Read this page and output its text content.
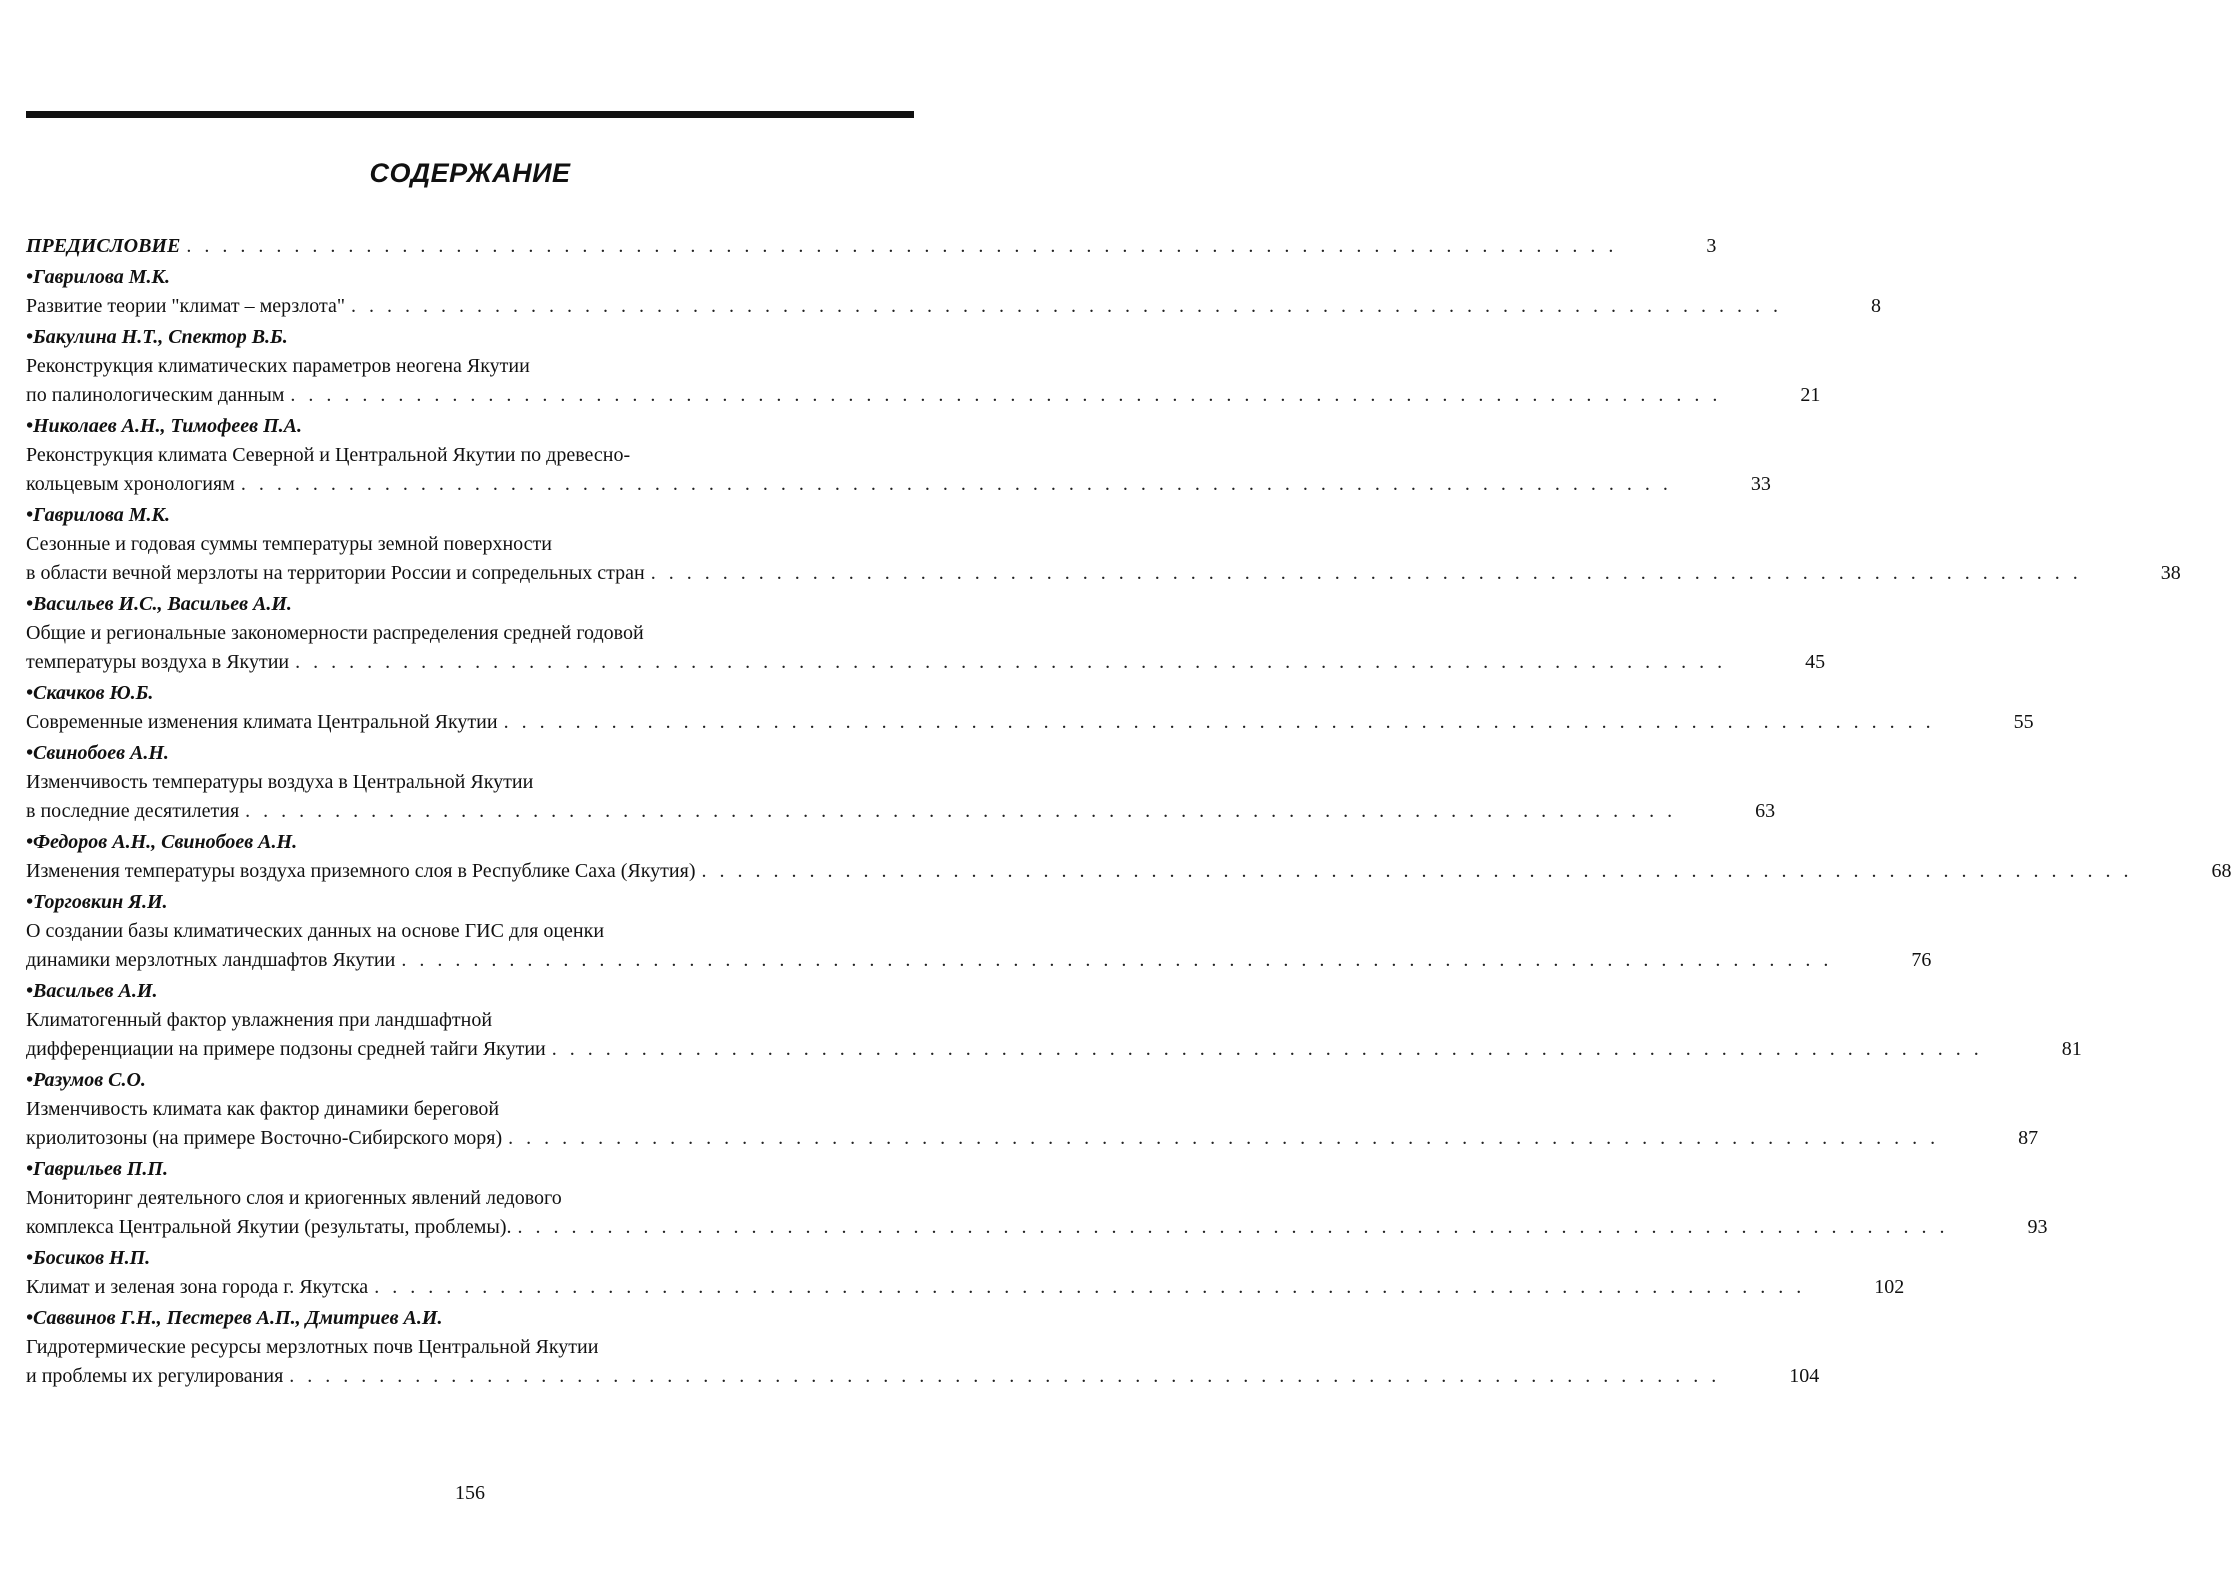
СОДЕРЖАНИЕ
ПРЕДИСЛОВИЕ ................................................................................	3
•Гаврилова М.К.
Развитие теории "климат – мерзлота" ................................................................................	8
•Бакулина Н.Т., Спектор В.Б.
Реконструкция климатических параметров неогена Якутии
по палинологическим данным ................................................................................	21
•Николаев А.Н., Тимофеев П.А.
Реконструкция климата Северной и Центральной Якутии по древесно-
кольцевым хронологиям ................................................................................	33
•Гаврилова М.К.
Сезонные и годовая суммы температуры земной поверхности
в области вечной мерзлоты на территории России и сопредельных стран ................................................................................	38
•Васильев И.С., Васильев А.И.
Общие и региональные закономерности распределения средней годовой
температуры воздуха в Якутии ................................................................................	45
•Скачков Ю.Б.
Современные изменения климата Центральной Якутии ................................................................................	55
•Свинобоев А.Н.
Изменчивость температуры воздуха в Центральной Якутии
в последние десятилетия ................................................................................	63
•Федоров А.Н., Свинобоев А.Н.
Изменения температуры воздуха приземного слоя в Республике Саха (Якутия) ................................................................................	68
•Торговкин Я.И.
О создании базы климатических данных на основе ГИС для оценки
динамики мерзлотных ландшафтов Якутии ................................................................................	76
•Васильев А.И.
Климатогенный фактор увлажнения при ландшафтной
дифференциации на примере подзоны средней тайги Якутии ................................................................................	81
•Разумов С.О.
Изменчивость климата как фактор динамики береговой
криолитозоны (на примере Восточно-Сибирского моря) ................................................................................	87
•Гаврильев П.П.
Мониторинг деятельного слоя и криогенных явлений ледового
комплекса Центральной Якутии (результаты, проблемы). ................................................................................	93
•Босиков Н.П.
Климат и зеленая зона города г. Якутска ................................................................................	102
•Саввинов Г.Н., Пестерев А.П., Дмитриев А.И.
Гидротермические ресурсы мерзлотных почв Центральной Якутии
и проблемы их регулирования ................................................................................	104
156
